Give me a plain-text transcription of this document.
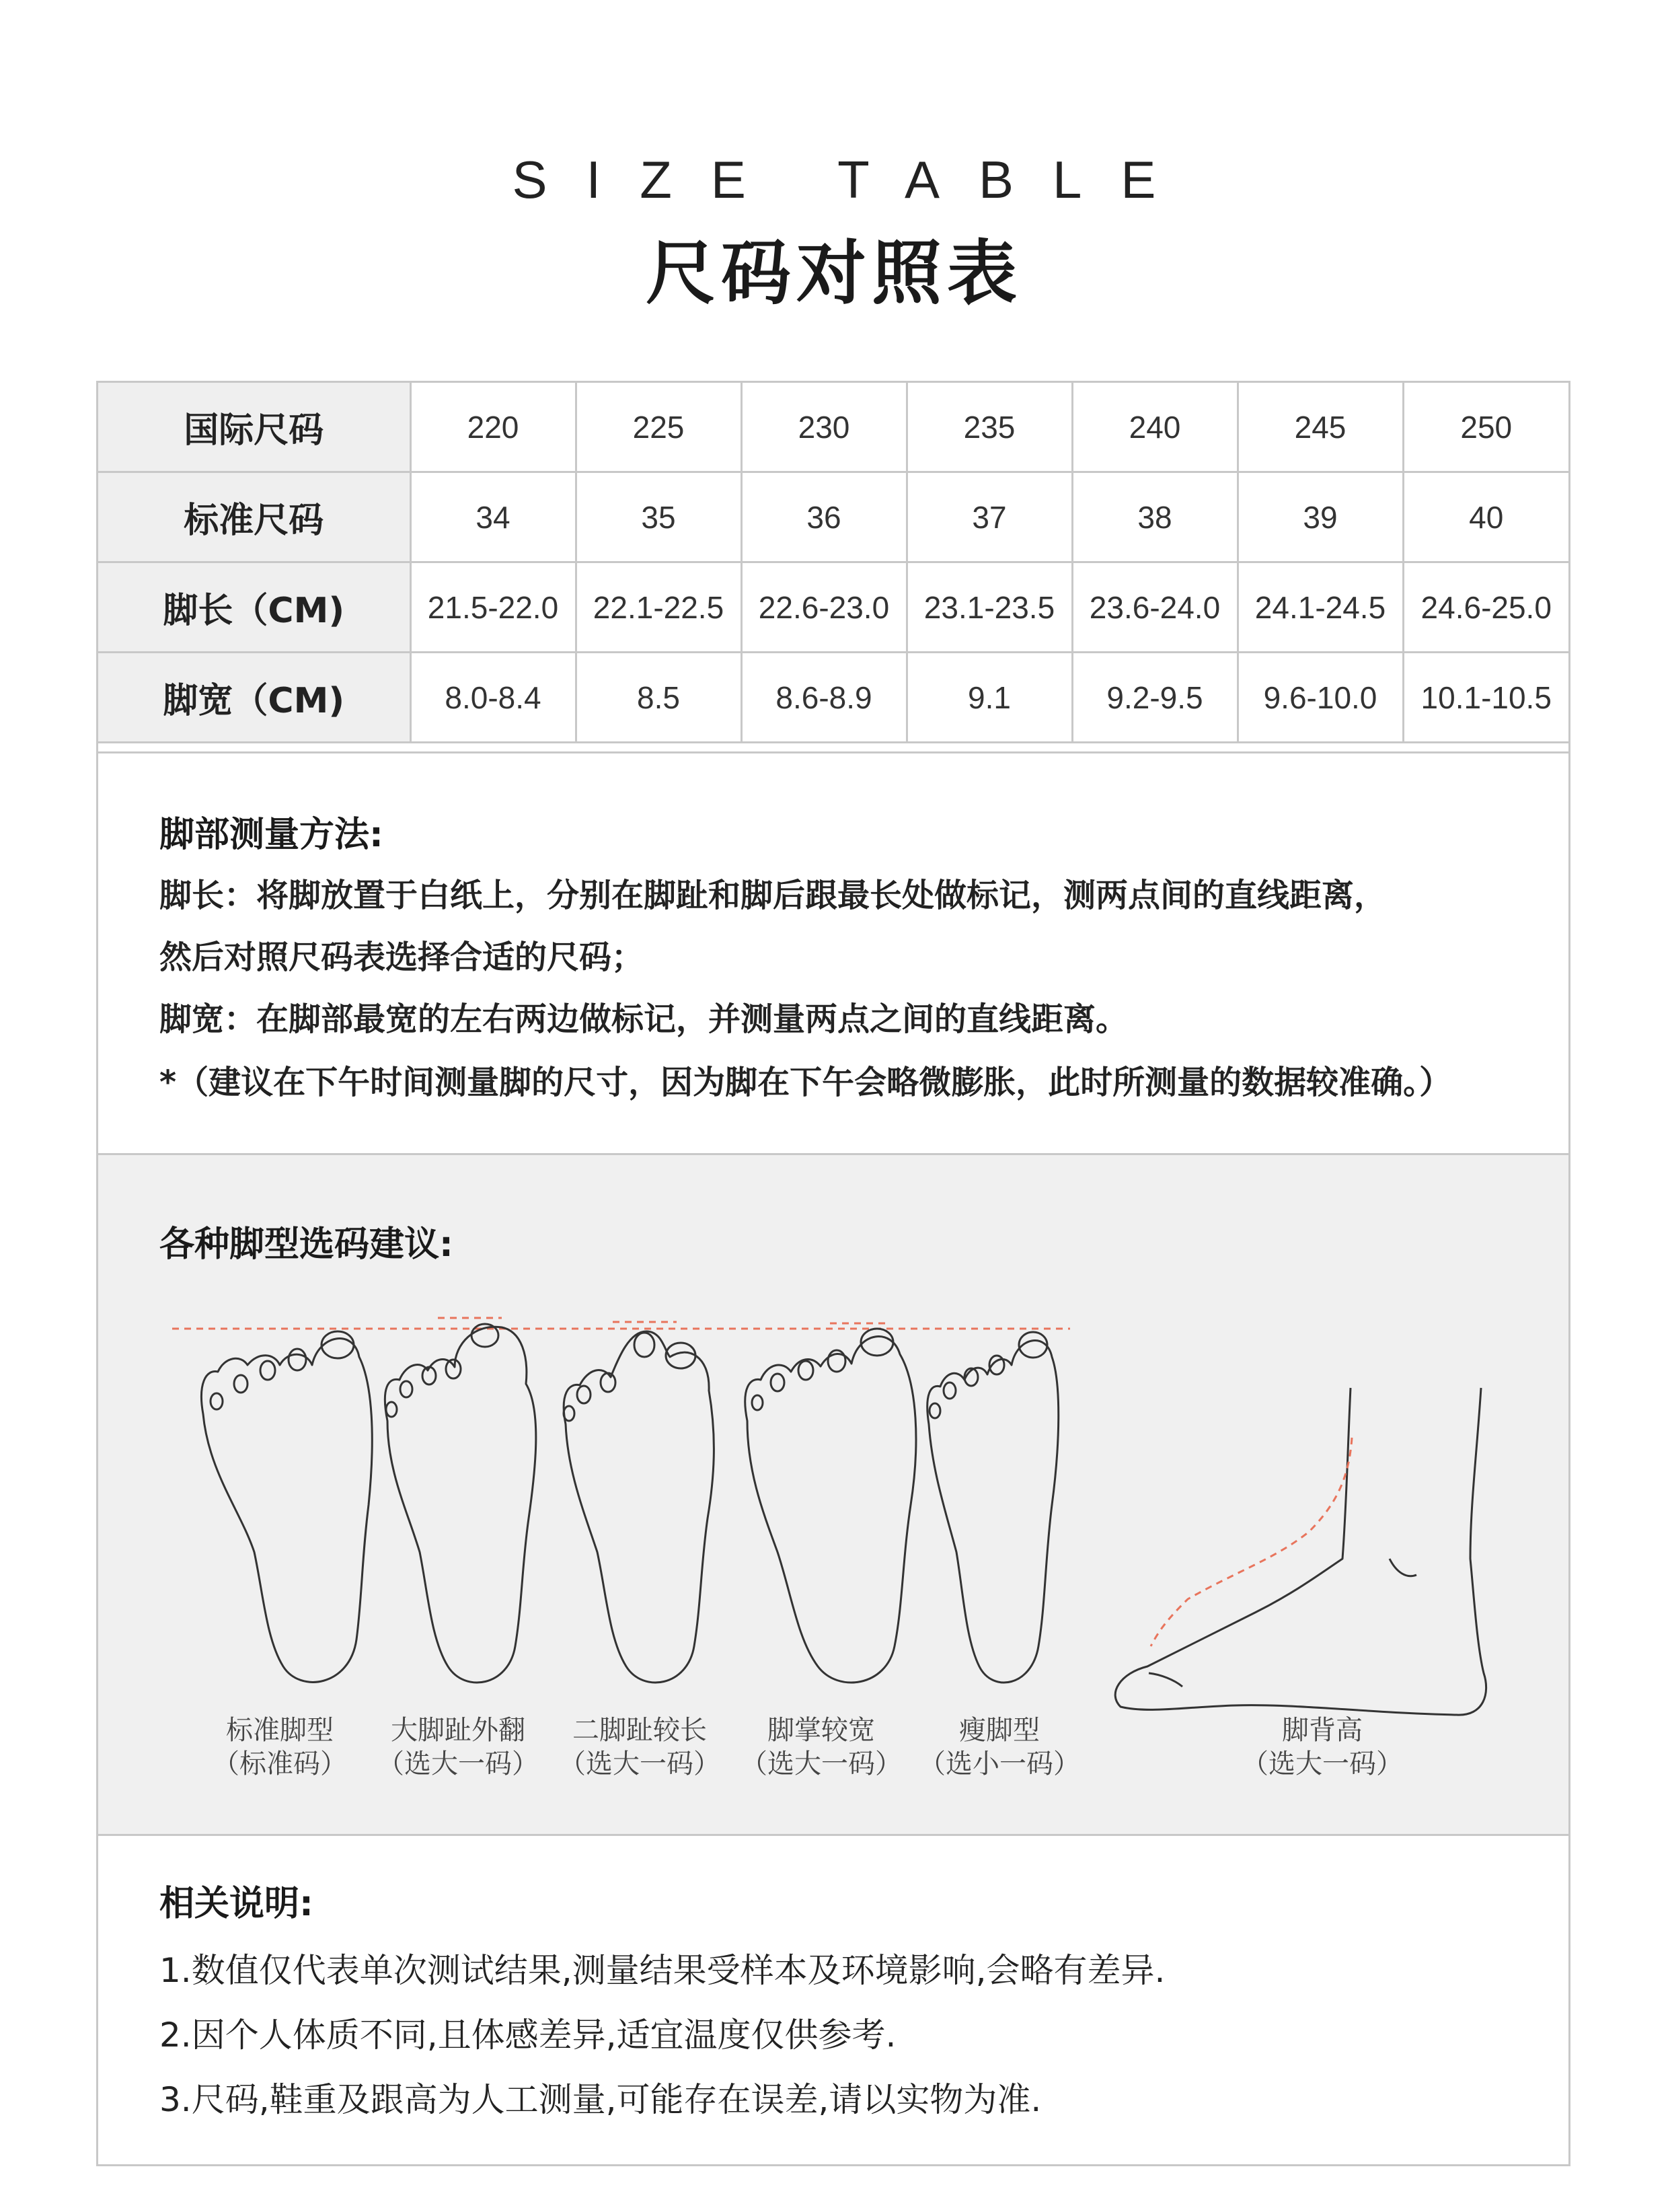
SIZE TABLE
尺码对照表
国际尺码	220	225	230	235	240	245	250
标准尺码	34	35	36	37	38	39	40
脚长（CM)	21.5-22.0	22.1-22.5	22.6-23.0	23.1-23.5	23.6-24.0	24.1-24.5	24.6-25.0
脚宽（CM)	8.0-8.4	8.5	8.6-8.9	9.1	9.2-9.5	9.6-10.0	10.1-10.5
脚部测量方法:
脚长：将脚放置于白纸上，分别在脚趾和脚后跟最长处做标记，测两点间的直线距离，
然后对照尺码表选择合适的尺码；
脚宽：在脚部最宽的左右两边做标记，并测量两点之间的直线距离。
*（建议在下午时间测量脚的尺寸，因为脚在下午会略微膨胀，此时所测量的数据较准确。）
各种脚型选码建议:
标准脚型
（标准码）
大脚趾外翻
（选大一码）
二脚趾较长
（选大一码）
脚掌较宽
（选大一码）
瘦脚型
（选小一码）
脚背高
（选大一码）
相关说明:
1.数值仅代表单次测试结果,测量结果受样本及环境影响,会略有差异.
2.因个人体质不同,且体感差异,适宜温度仅供参考.
3.尺码,鞋重及跟高为人工测量,可能存在误差,请以实物为准.
